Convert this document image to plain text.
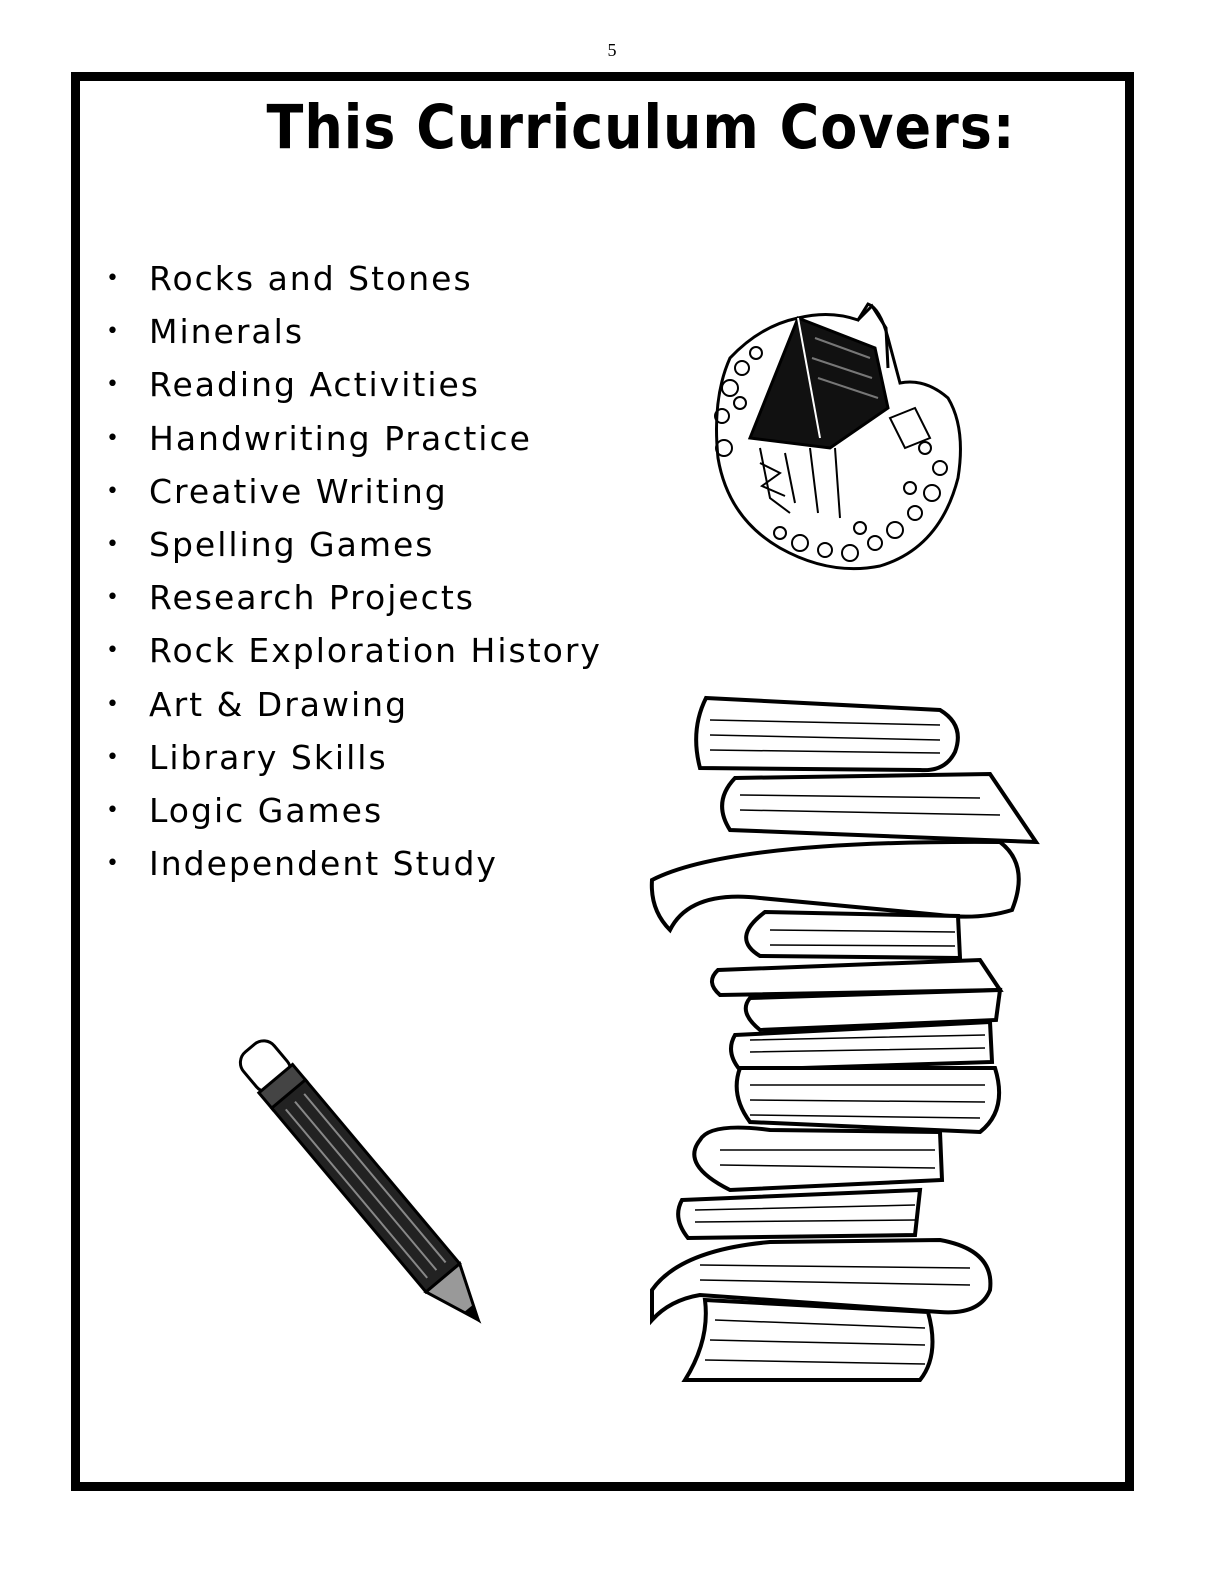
5
This Curriculum Covers:
• Rocks and Stones
• Minerals
• Reading Activities
• Handwriting Practice
• Creative Writing
• Spelling Games
• Research Projects
• Rock Exploration History
• Art & Drawing
• Library Skills
• Logic Games
• Independent Study
